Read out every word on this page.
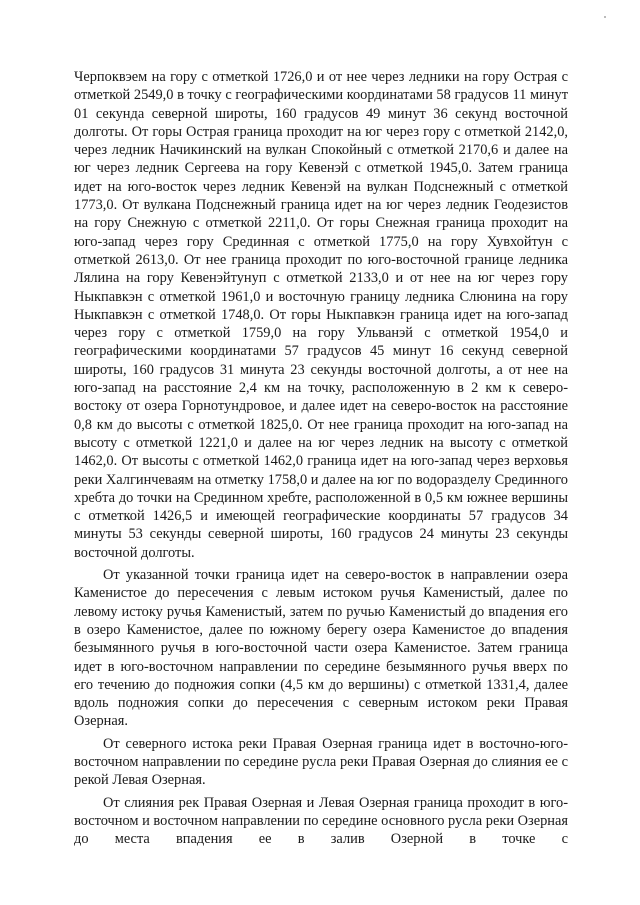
Черпоквэем на гору с отметкой 1726,0 и от нее через ледники на гору Острая с отметкой 2549,0 в точку с географическими координатами 58 градусов 11 минут 01 секунда северной широты, 160 градусов 49 минут 36 секунд восточной долготы. От горы Острая граница проходит на юг через гору с отметкой 2142,0, через ледник Начикинский на вулкан Спокойный с отметкой 2170,6 и далее на юг через ледник Сергеева на гору Кевенэй с отметкой 1945,0. Затем граница идет на юго-восток через ледник Кевенэй на вулкан Подснежный с отметкой 1773,0. От вулкана Подснежный граница идет на юг через ледник Геодезистов на гору Снежную с отметкой 2211,0. От горы Снежная граница проходит на юго-запад через гору Срединная с отметкой 1775,0 на гору Хувхойтун с отметкой 2613,0. От нее граница проходит по юго-восточной границе ледника Лялина на гору Кевенэйтунуп с отметкой 2133,0 и от нее на юг через гору Ныкпавкэн с отметкой 1961,0 и восточную границу ледника Слюнина на гору Ныкпавкэн с отметкой 1748,0. От горы Ныкпавкэн граница идет на юго-запад через гору с отметкой 1759,0 на гору Ульванэй с отметкой 1954,0 и географическими координатами 57 градусов 45 минут 16 секунд северной широты, 160 градусов 31 минута 23 секунды восточной долготы, а от нее на юго-запад на расстояние 2,4 км на точку, расположенную в 2 км к северо-востоку от озера Горнотундровое, и далее идет на северо-восток на расстояние 0,8 км до высоты с отметкой 1825,0. От нее граница проходит на юго-запад на высоту с отметкой 1221,0 и далее на юг через ледник на высоту с отметкой 1462,0. От высоты с отметкой 1462,0 граница идет на юго-запад через верховья реки Халгинчеваям на отметку 1758,0 и далее на юг по водоразделу Срединного хребта до точки на Срединном хребте, расположенной в 0,5 км южнее вершины с отметкой 1426,5 и имеющей географические координаты 57 градусов 34 минуты 53 секунды северной широты, 160 градусов 24 минуты 23 секунды восточной долготы.

От указанной точки граница идет на северо-восток в направлении озера Каменистое до пересечения с левым истоком ручья Каменистый, далее по левому истоку ручья Каменистый, затем по ручью Каменистый до впадения его в озеро Каменистое, далее по южному берегу озера Каменистое до впадения безымянного ручья в юго-восточной части озера Каменистое. Затем граница идет в юго-восточном направлении по середине безымянного ручья вверх по его течению до подножия сопки (4,5 км до вершины) с отметкой 1331,4, далее вдоль подножия сопки до пересечения с северным истоком реки Правая Озерная.

От северного истока реки Правая Озерная граница идет в восточно-юго-восточном направлении по середине русла реки Правая Озерная до слияния ее с рекой Левая Озерная.

От слияния рек Правая Озерная и Левая Озерная граница проходит в юго-восточном и восточном направлении по середине основного русла реки Озерная до места впадения ее в залив Озерной в точке с
